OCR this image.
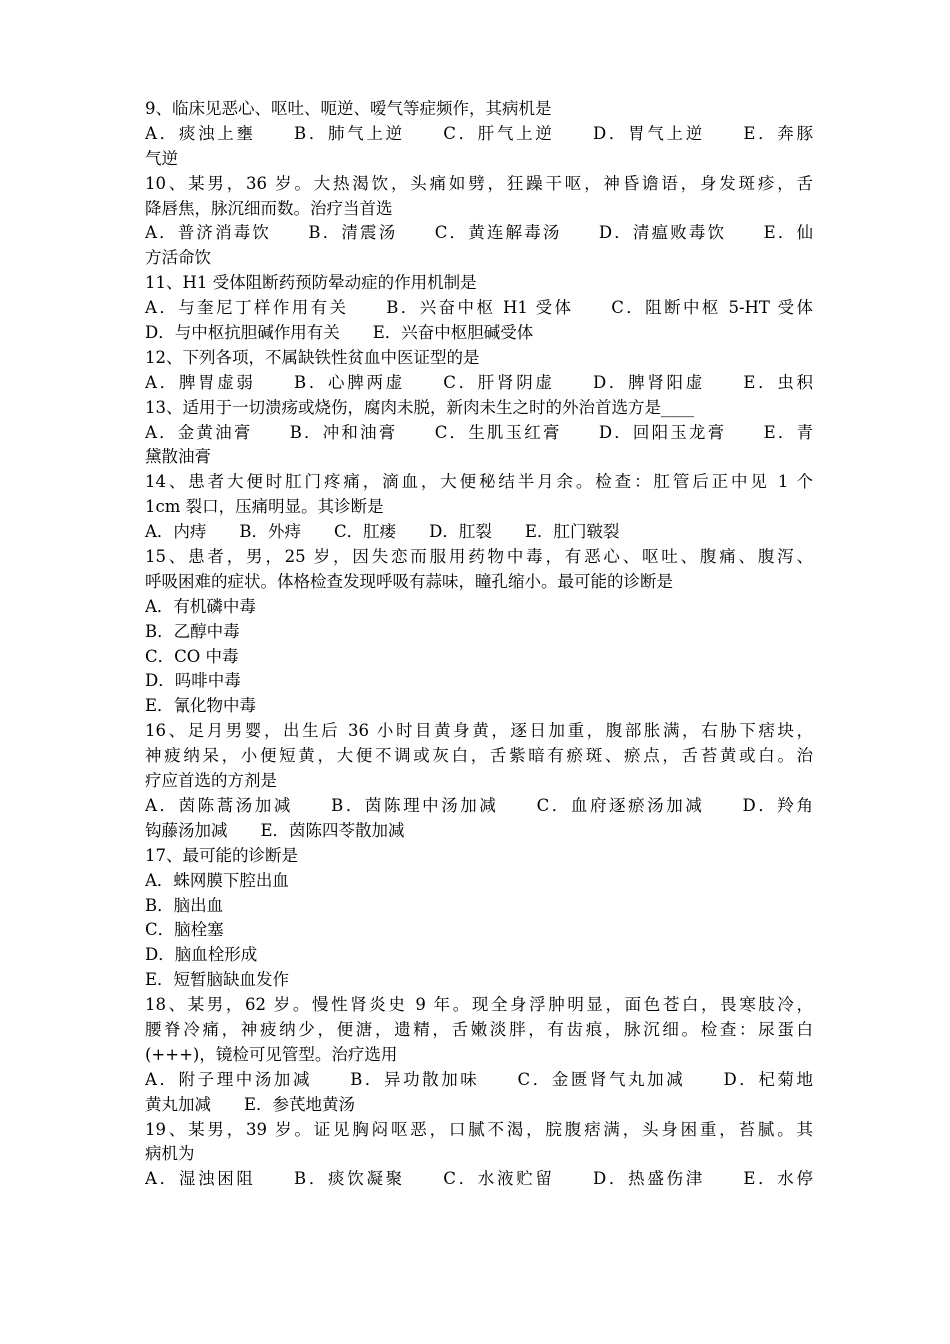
9、临床见恶心、呕吐、呃逆、嗳气等症频作，其病机是
A．痰浊上壅　　B．肺气上逆　　C．肝气上逆　　D．胃气上逆　　E．奔豚
气逆
10、某男，36 岁。大热渴饮，头痛如劈，狂躁干呕，神昏谵语，身发斑疹，舌
降唇焦，脉沉细而数。治疗当首选
A．普济消毒饮　　B．清震汤　　C．黄连解毒汤　　D．清瘟败毒饮　　E．仙
方活命饮
11、H1 受体阻断药预防晕动症的作用机制是
A．与奎尼丁样作用有关　　B．兴奋中枢 H1 受体　　C．阻断中枢 5-HT 受体
D．与中枢抗胆碱作用有关　　E．兴奋中枢胆碱受体
12、下列各项，不属缺铁性贫血中医证型的是
A．脾胃虚弱　　B．心脾两虚　　C．肝肾阴虚　　D．脾肾阳虚　　E．虫积
13、适用于一切溃疡或烧伤，腐肉未脱，新肉未生之时的外治首选方是____
A．金黄油膏　　B．冲和油膏　　C．生肌玉红膏　　D．回阳玉龙膏　　E．青
黛散油膏
14、患者大便时肛门疼痛，滴血，大便秘结半月余。检查：肛管后正中见 1 个
1cm 裂口，压痛明显。其诊断是
A．内痔　　B．外痔　　C．肛瘘　　D．肛裂　　E．肛门皲裂
15、患者，男，25 岁，因失恋而服用药物中毒，有恶心、呕吐、腹痛、腹泻、
呼吸困难的症状。体格检查发现呼吸有蒜味，瞳孔缩小。最可能的诊断是
A．有机磷中毒
B．乙醇中毒
C．CO 中毒
D．吗啡中毒
E．氰化物中毒
16、足月男婴，出生后 36 小时目黄身黄，逐日加重，腹部胀满，右胁下痞块，
神疲纳呆，小便短黄，大便不调或灰白，舌紫暗有瘀斑、瘀点，舌苔黄或白。治
疗应首选的方剂是
A．茵陈蒿汤加减　　B．茵陈理中汤加减　　C．血府逐瘀汤加减　　D．羚角
钩藤汤加减　　E．茵陈四苓散加减
17、最可能的诊断是
A．蛛网膜下腔出血
B．脑出血
C．脑栓塞
D．脑血栓形成
E．短暂脑缺血发作
18、某男，62 岁。慢性肾炎史 9 年。现全身浮肿明显，面色苍白，畏寒肢冷，
腰脊冷痛，神疲纳少，便溏，遗精，舌嫩淡胖，有齿痕，脉沉细。检查：尿蛋白
(+++)，镜检可见管型。治疗选用
A．附子理中汤加减　　B．异功散加味　　C．金匮肾气丸加减　　D．杞菊地
黄丸加减　　E．参芪地黄汤
19、某男，39 岁。证见胸闷呕恶，口腻不渴，脘腹痞满，头身困重，苔腻。其
病机为
A．湿浊困阻　　B．痰饮凝聚　　C．水液贮留　　D．热盛伤津　　E．水停
